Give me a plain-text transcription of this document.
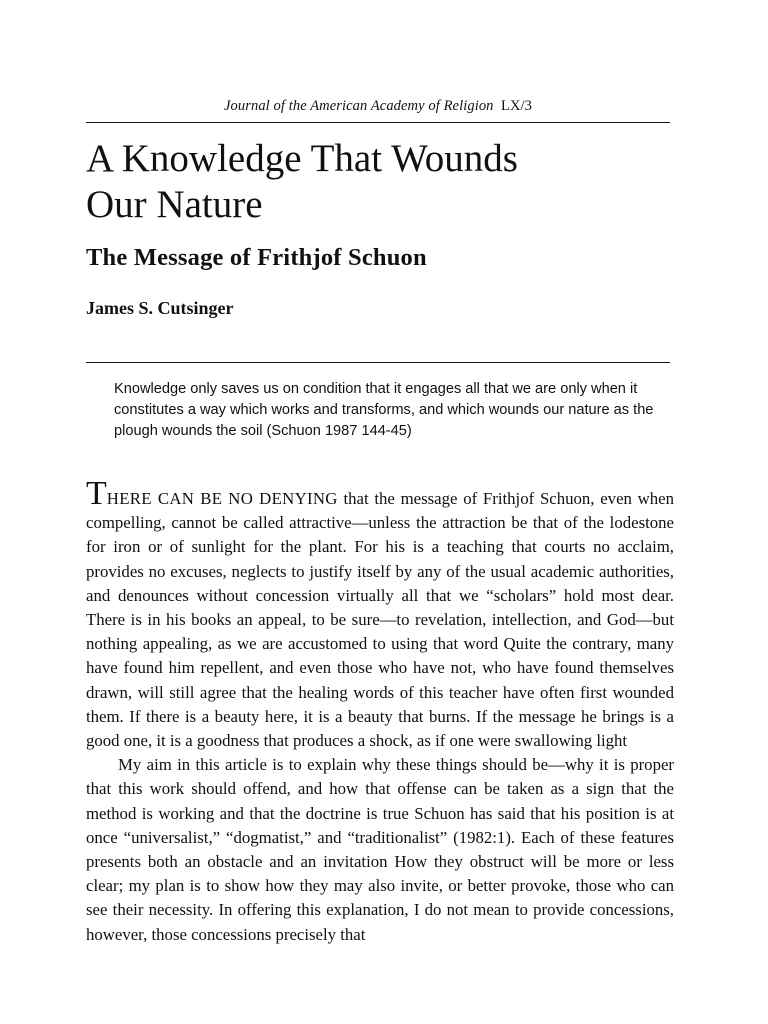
Journal of the American Academy of Religion LX/3
A Knowledge That Wounds
Our Nature
The Message of Frithjof Schuon
James S. Cutsinger

Knowledge only saves us on condition that it engages all that we are only when it constitutes a way which works and transforms, and which wounds our nature as the plough wounds the soil (Schuon 1987 144-45)

THERE CAN BE NO DENYING that the message of Frithjof Schuon, even when compelling, cannot be called attractive—unless the attraction be that of the lodestone for iron or of sunlight for the plant. For his is a teaching that courts no acclaim, provides no excuses, neglects to justify itself by any of the usual academic authorities, and denounces without concession virtually all that we “scholars” hold most dear. There is in his books an appeal, to be sure—to revelation, intellection, and God—but nothing appealing, as we are accustomed to using that word Quite the contrary, many have found him repellent, and even those who have not, who have found themselves drawn, will still agree that the healing words of this teacher have often first wounded them. If there is a beauty here, it is a beauty that burns. If the message he brings is a good one, it is a goodness that produces a shock, as if one were swallowing light

My aim in this article is to explain why these things should be—why it is proper that this work should offend, and how that offense can be taken as a sign that the method is working and that the doctrine is true Schuon has said that his position is at once “universalist,” “dogmatist,” and “traditionalist” (1982:1). Each of these features presents both an obstacle and an invitation How they obstruct will be more or less clear; my plan is to show how they may also invite, or better provoke, those who can see their necessity. In offering this explanation, I do not mean to provide concessions, however, those concessions precisely that
